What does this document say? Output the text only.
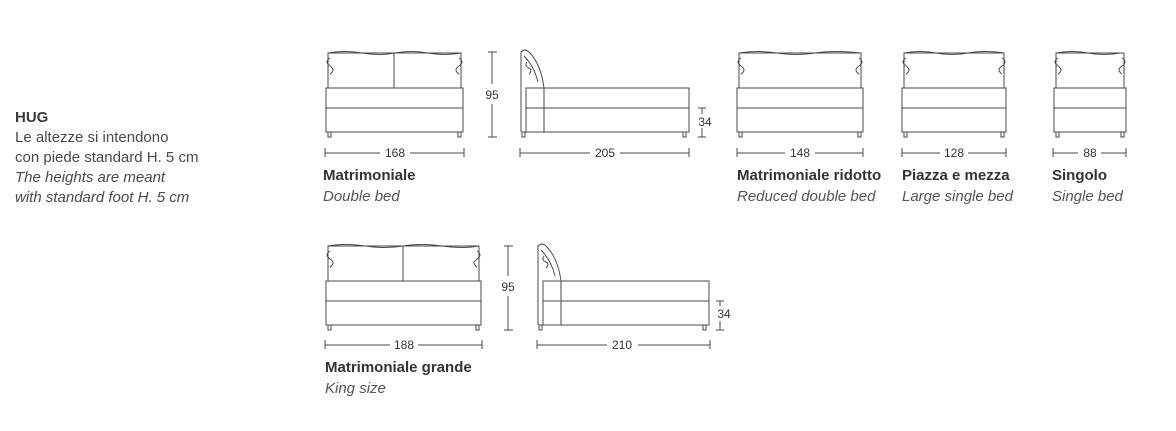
HUG
Le altezze si intendono
con piede standard H. 5 cm
The heights are meant
with standard foot H. 5 cm
168
95
34
205	148	128	88
188
95
34
210
Matrimoniale
Double bed
Matrimoniale ridotto
Reduced double bed
Piazza e mezza
Large single bed
Singolo
Single bed
Matrimoniale grande
King size
